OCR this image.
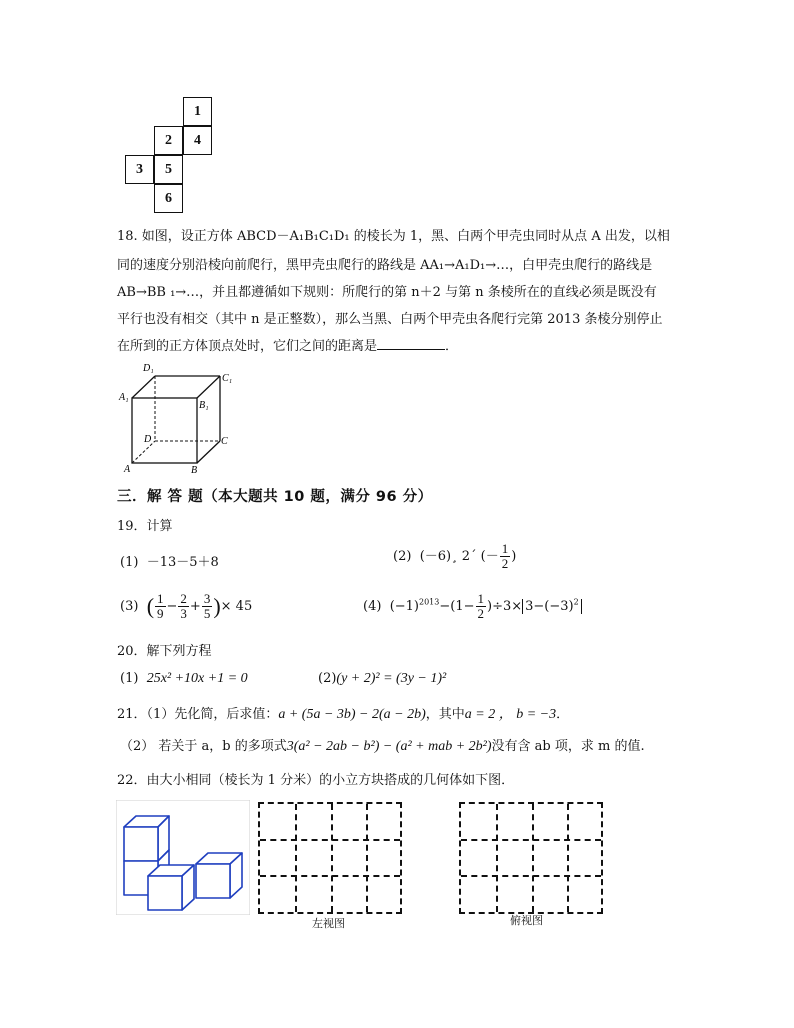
1
2	4
3	5
6
18. 如图，设正方体 ABCD－A₁B₁C₁D₁ 的棱长为 1，黑、白两个甲壳虫同时从点 A 出发，以相
同的速度分别沿棱向前爬行，黑甲壳虫爬行的路线是 AA₁→A₁D₁→…，白甲壳虫爬行的路线是
AB→BB ₁→…，并且都遵循如下规则：所爬行的第 n＋2 与第 n 条棱所在的直线必须是既没有
平行也没有相交（其中 n 是正整数），那么当黑、白两个甲壳虫各爬行完第 2013 条棱分别停止
在所到的正方体顶点处时，它们之间的距离是	．
D₁
C₁
A₁
B₁
D	C
A	B
三．解 答 题（本大题共 10 题，满分 96 分）
19．计算
(1) －13－5＋8	(2) (－6)¸ 2´ (－ $\frac{1}{2}$ )
(3) ( $\frac{1}{9} - \frac{2}{3} + \frac{3}{5}$ )× 45	(4) $(-1)^{2013}-(1- \frac{1}{2} )\div 3\times 3-(-3)^2$
20．解下列方程
(1) 25x² +10x +1 = 0	(2)(y + 2)² = (3y − 1)²
21．（1）先化简，后求值：a + (5a − 3b) − 2(a − 2b)，其中a = 2 ， b = −3．
（2） 若关于 a，b 的多项式3(a² − 2ab − b²) − (a² + mab + 2b²)没有含 ab 项，求 m 的值.
22．由大小相同（棱长为 1 分米）的小立方块搭成的几何体如下图．
左视图	俯视图
